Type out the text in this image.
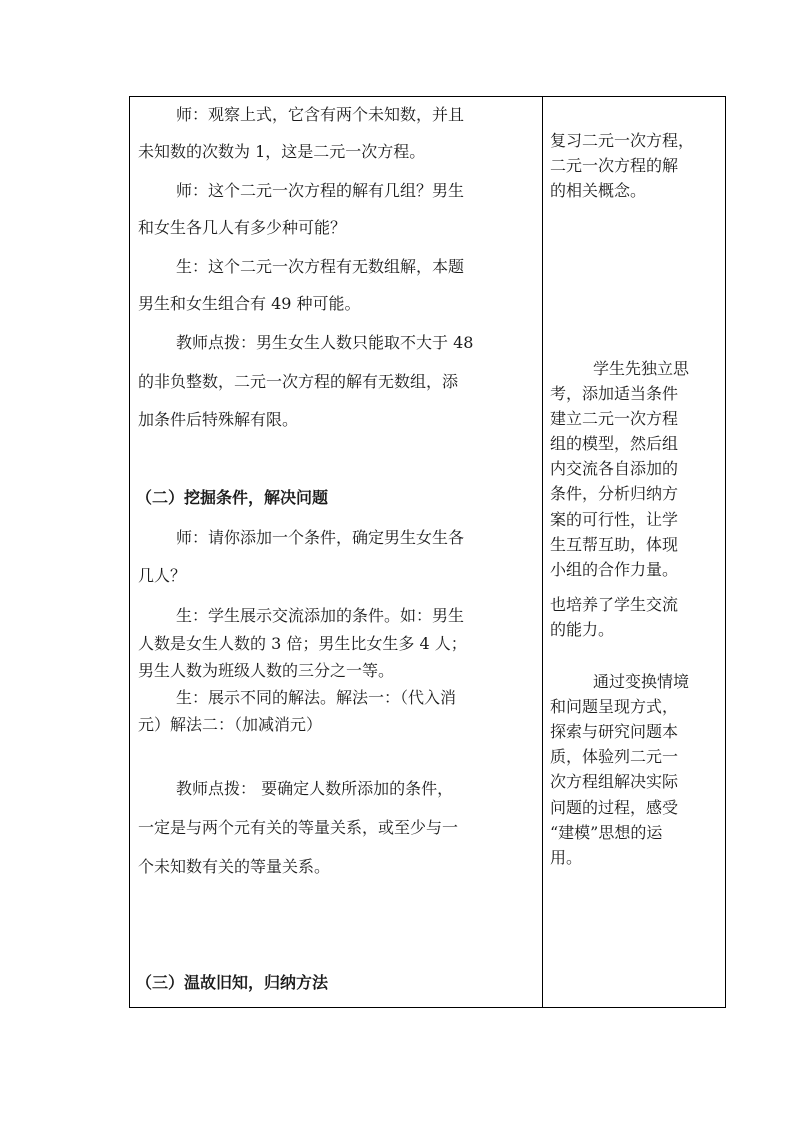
师：观察上式，它含有两个未知数，并且
未知数的次数为 1，这是二元一次方程。
师：这个二元一次方程的解有几组？男生
和女生各几人有多少种可能？
生：这个二元一次方程有无数组解，本题
男生和女生组合有 49 种可能。
教师点拨：男生女生人数只能取不大于 48
的非负整数，二元一次方程的解有无数组，添
加条件后特殊解有限。
（二）挖掘条件，解决问题
师：请你添加一个条件，确定男生女生各
几人？
生：学生展示交流添加的条件。如：男生
人数是女生人数的 3 倍；男生比女生多 4 人；
男生人数为班级人数的三分之一等。
生：展示不同的解法。解法一：（代入消
元）解法二：（加减消元）
教师点拨： 要确定人数所添加的条件，
一定是与两个元有关的等量关系，或至少与一
个未知数有关的等量关系。
（三）温故旧知，归纳方法
复习二元一次方程，
二元一次方程的解
的相关概念。
学生先独立思
考，添加适当条件
建立二元一次方程
组的模型，然后组
内交流各自添加的
条件，分析归纳方
案的可行性，让学
生互帮互助，体现
小组的合作力量。
也培养了学生交流
的能力。
通过变换情境
和问题呈现方式，
探索与研究问题本
质，体验列二元一
次方程组解决实际
问题的过程，感受
“建模”思想的运
用。
